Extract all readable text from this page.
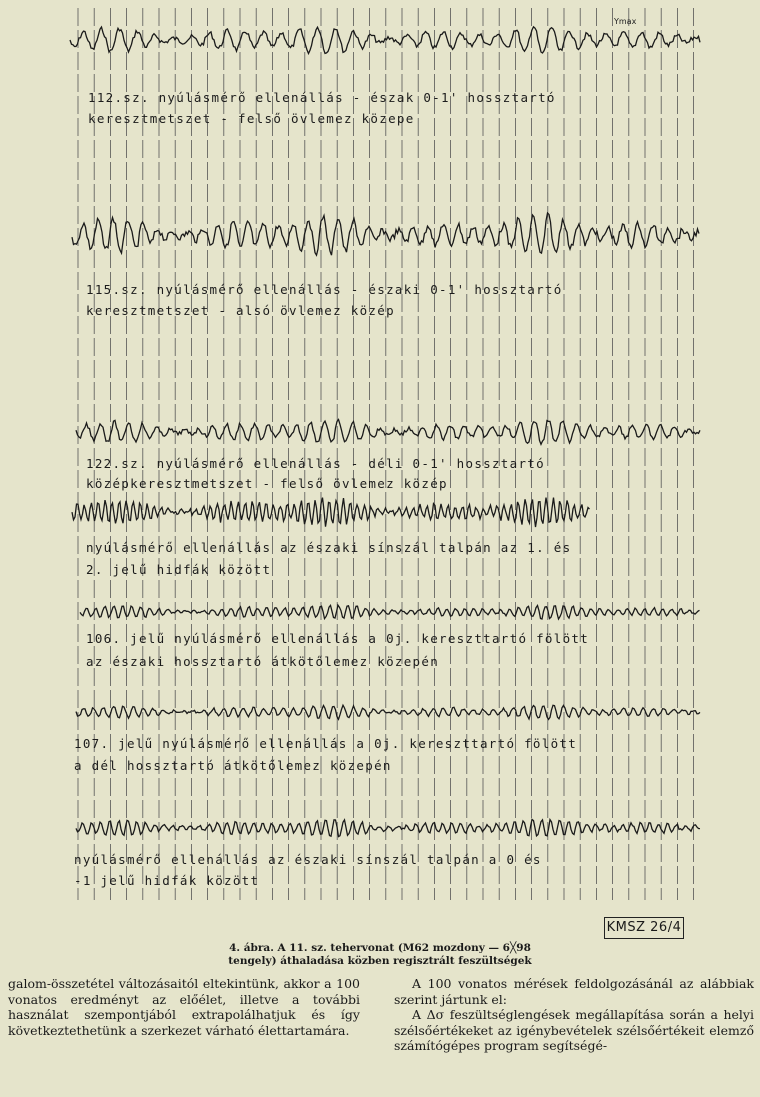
Ymax
112.sz. nyúlásmérő ellenállás - észak 0-1' hossztartó
keresztmetszet - felső övlemez közepe
115.sz. nyúlásmérő ellenállás - északi 0-1' hossztartó
keresztmetszet - alsó övlemez közép
122.sz. nyúlásmérő ellenállás - déli 0-1' hossztartó
középkeresztmetszet - felső övlemez közép
nyúlásmérő ellenállás az északi sínszál talpán az 1. és
2. jelű hidfák között
106. jelű nyúlásmérő ellenállás a 0j. kereszttartó fölött
az északi hossztartó átkötőlemez közepén
107. jelű nyúlásmérő ellenállás a 0j. kereszttartó fölött
a dél hossztartó átkötőlemez közepén
nyúlásmérő ellenállás az északi sínszál talpán a 0 és
-1 jelű hidfák között
KMSZ 26/4
4. ábra. A 11. sz. tehervonat (M62 mozdony — 6╳98
tengely) áthaladása közben regisztrált feszültségek

galom-összetétel változásaitól eltekintünk, akkor a 100 vonatos eredményt az előélet, illetve a további használat szempontjából extrapolálhatjuk és így következtethetünk a szerkezet várható élettartamára.

A 100 vonatos mérések feldolgozásánál az alábbiak szerint jártunk el:

A Δσ feszültséglengések megállapítása során a helyi szélsőértékeket az igénybevételek szélsőértékeit elemző számítógépes program segítségé-
